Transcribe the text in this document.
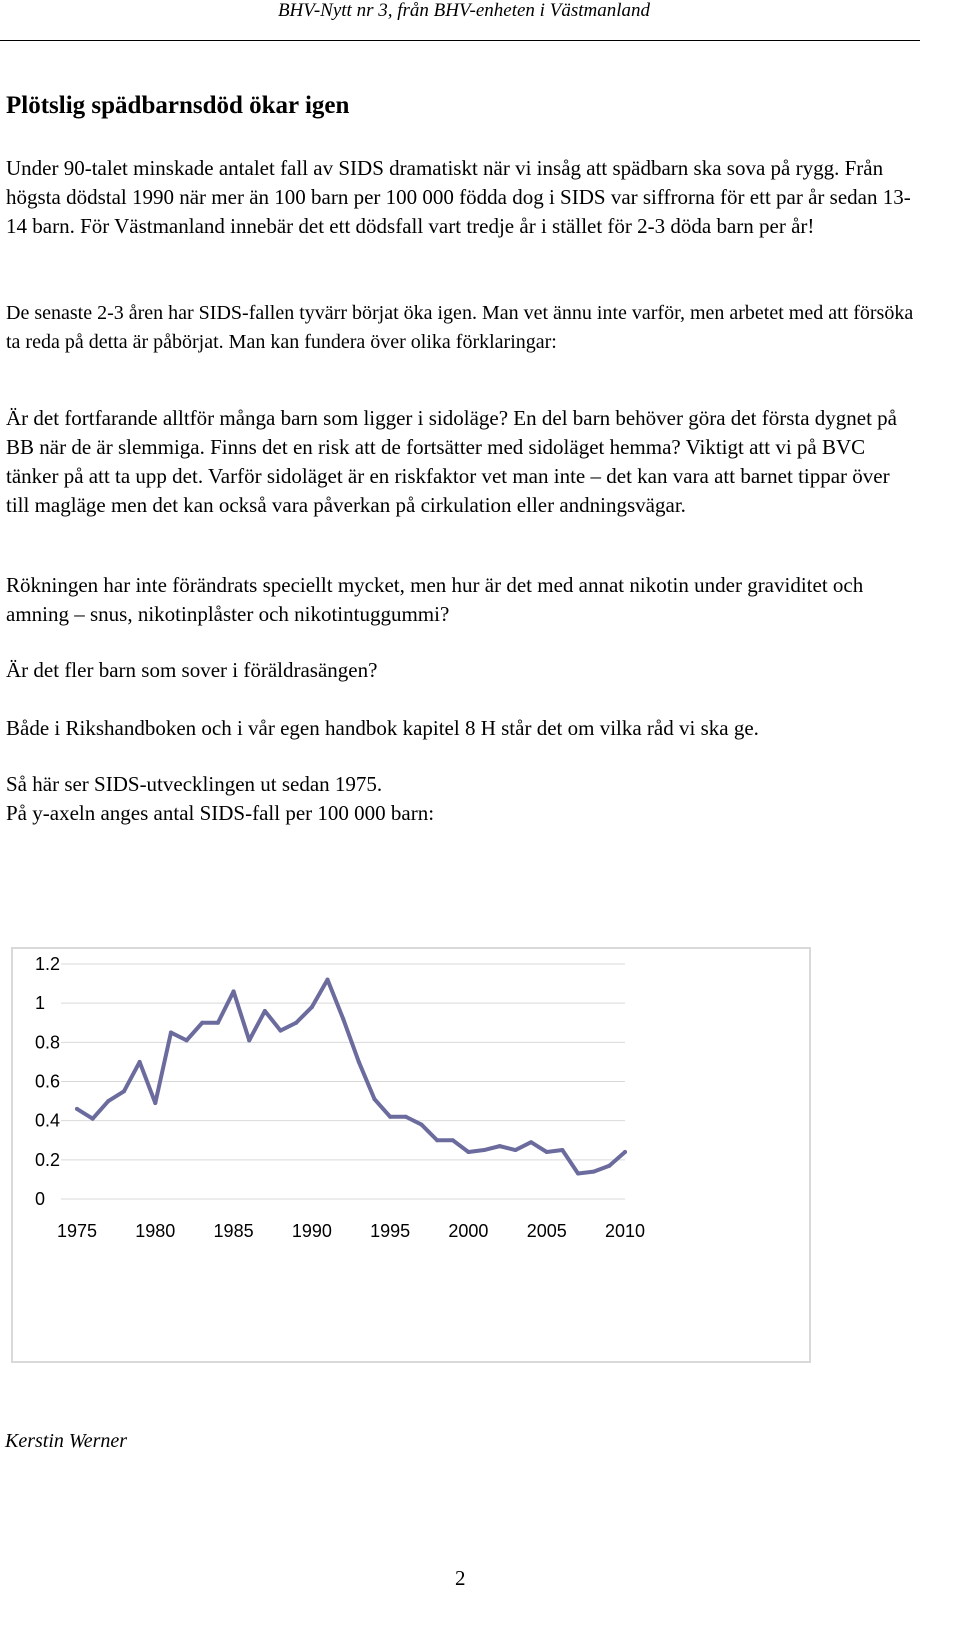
BHV-Nytt nr 3, från BHV-enheten i Västmanland
Plötslig spädbarnsdöd ökar igen

Under 90-talet minskade antalet fall av SIDS dramatiskt när vi insåg att spädbarn ska sova på rygg. Från högsta dödstal 1990 när mer än 100 barn per 100 000 födda dog i SIDS var siffrorna för ett par år sedan 13-14 barn. För Västmanland innebär det ett dödsfall vart tredje år i stället för 2-3 döda barn per år!

De senaste 2-3 åren har SIDS-fallen tyvärr börjat öka igen. Man vet ännu inte varför, men arbetet med att försöka ta reda på detta är påbörjat. Man kan fundera över olika förklaringar:

Är det fortfarande alltför många barn som ligger i sidoläge? En del barn behöver göra det första dygnet på BB när de är slemmiga. Finns det en risk att de fortsätter med sidoläget hemma? Viktigt att vi på BVC tänker på att ta upp det. Varför sidoläget är en riskfaktor vet man inte – det kan vara att barnet tippar över till magläge men det kan också vara påverkan på cirkulation eller andningsvägar.

Rökningen har inte förändrats speciellt mycket, men hur är det med annat nikotin under graviditet och amning – snus, nikotinplåster och nikotintuggummi?

Är det fler barn som sover i föräldrasängen?

Både i Rikshandboken och i vår egen handbok kapitel 8 H står det om vilka råd vi ska ge.

Så här ser SIDS-utvecklingen ut sedan 1975.

På y-axeln anges antal SIDS-fall per 100 000 barn:

0
0.2
0.4
0.6
0.8
1
1.2
1975 1980 1985 1990 1995 2000 2005 2010

Kerstin Werner

2
